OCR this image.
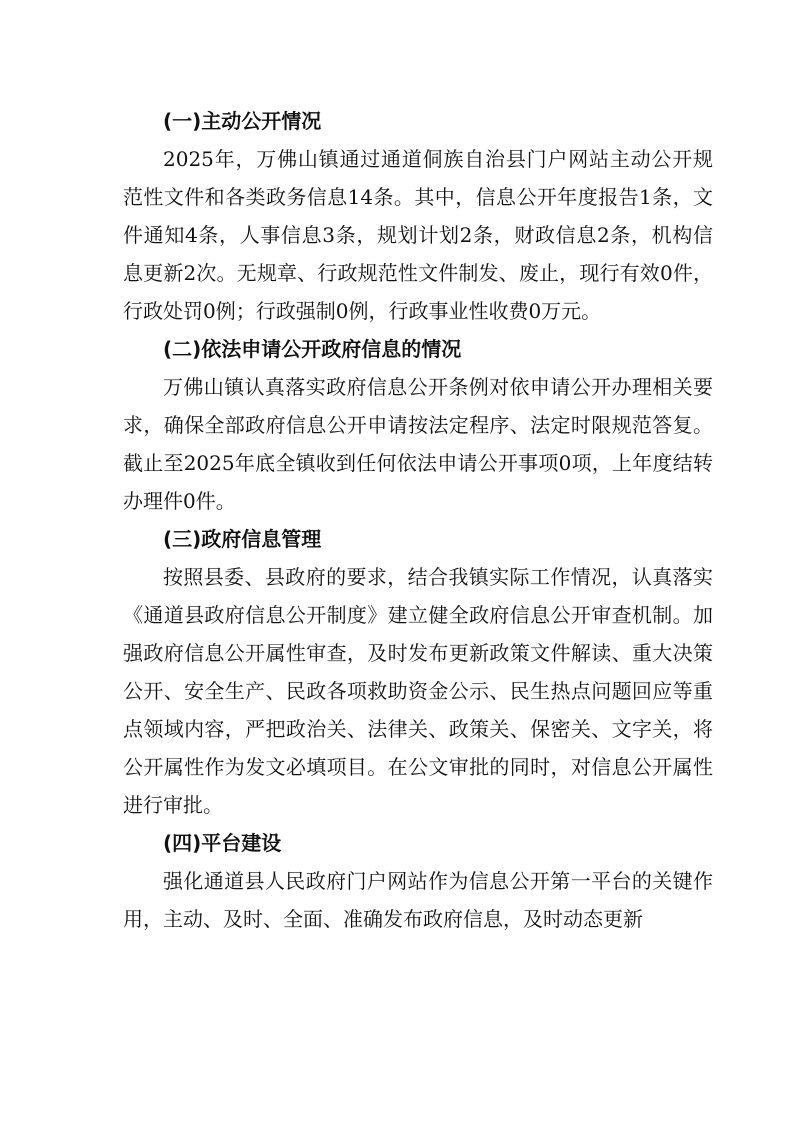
(一)主动公开情况

2025年，万佛山镇通过通道侗族自治县门户网站主动公开规范性文件和各类政务信息14条。其中，信息公开年度报告1条，文件通知4条，人事信息3条，规划计划2条，财政信息2条，机构信息更新2次。无规章、行政规范性文件制发、废止，现行有效0件，行政处罚0例；行政强制0例，行政事业性收费0万元。

(二)依法申请公开政府信息的情况

万佛山镇认真落实政府信息公开条例对依申请公开办理相关要求，确保全部政府信息公开申请按法定程序、法定时限规范答复。截止至2025年底全镇收到任何依法申请公开事项0项，上年度结转办理件0件。

(三)政府信息管理

按照县委、县政府的要求，结合我镇实际工作情况，认真落实《通道县政府信息公开制度》建立健全政府信息公开审查机制。加强政府信息公开属性审查，及时发布更新政策文件解读、重大决策公开、安全生产、民政各项救助资金公示、民生热点问题回应等重点领域内容，严把政治关、法律关、政策关、保密关、文字关，将公开属性作为发文必填项目。在公文审批的同时，对信息公开属性进行审批。

(四)平台建设

强化通道县人民政府门户网站作为信息公开第一平台的关键作用，主动、及时、全面、准确发布政府信息，及时动态更新
